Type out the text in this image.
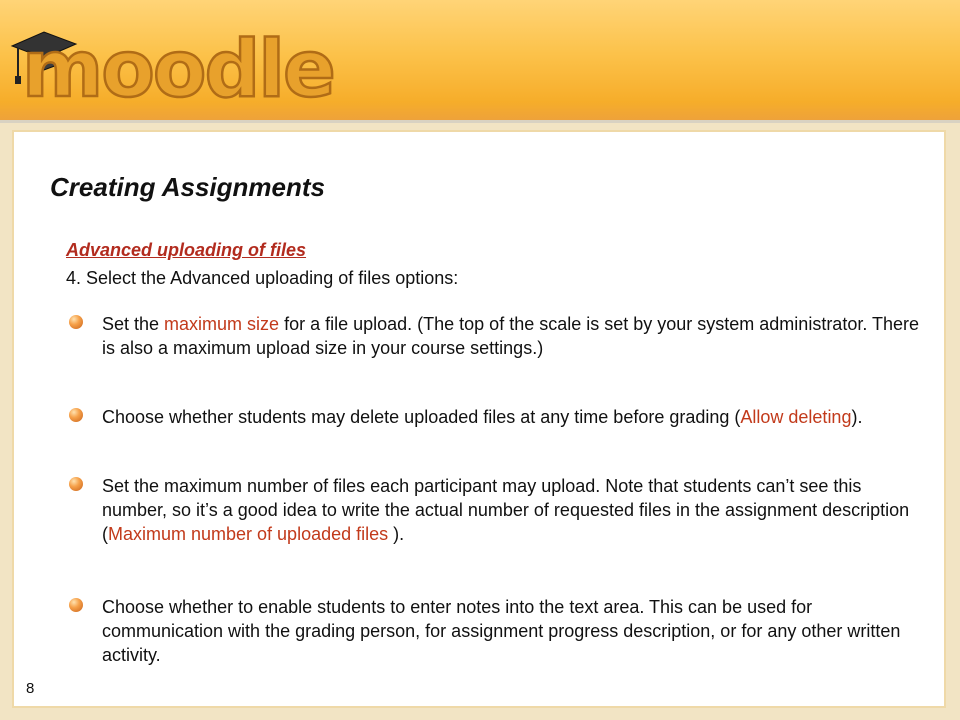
moodle
Creating Assignments
Advanced uploading of files
4. Select the Advanced uploading of files options:
Set the maximum size for a file upload. (The top of the scale is set by your system administrator. There is also a maximum upload size in your course settings.)
Choose whether students may delete uploaded files at any time before grading (Allow deleting).
Set the maximum number of files each participant may upload. Note that students can’t see this number, so it’s a good idea to write the actual number of requested files in the assignment description (Maximum number of uploaded files ).
Choose whether to enable students to enter notes into the text area. This can be used for communication with the grading person, for assignment progress description, or for any other written activity.
8
